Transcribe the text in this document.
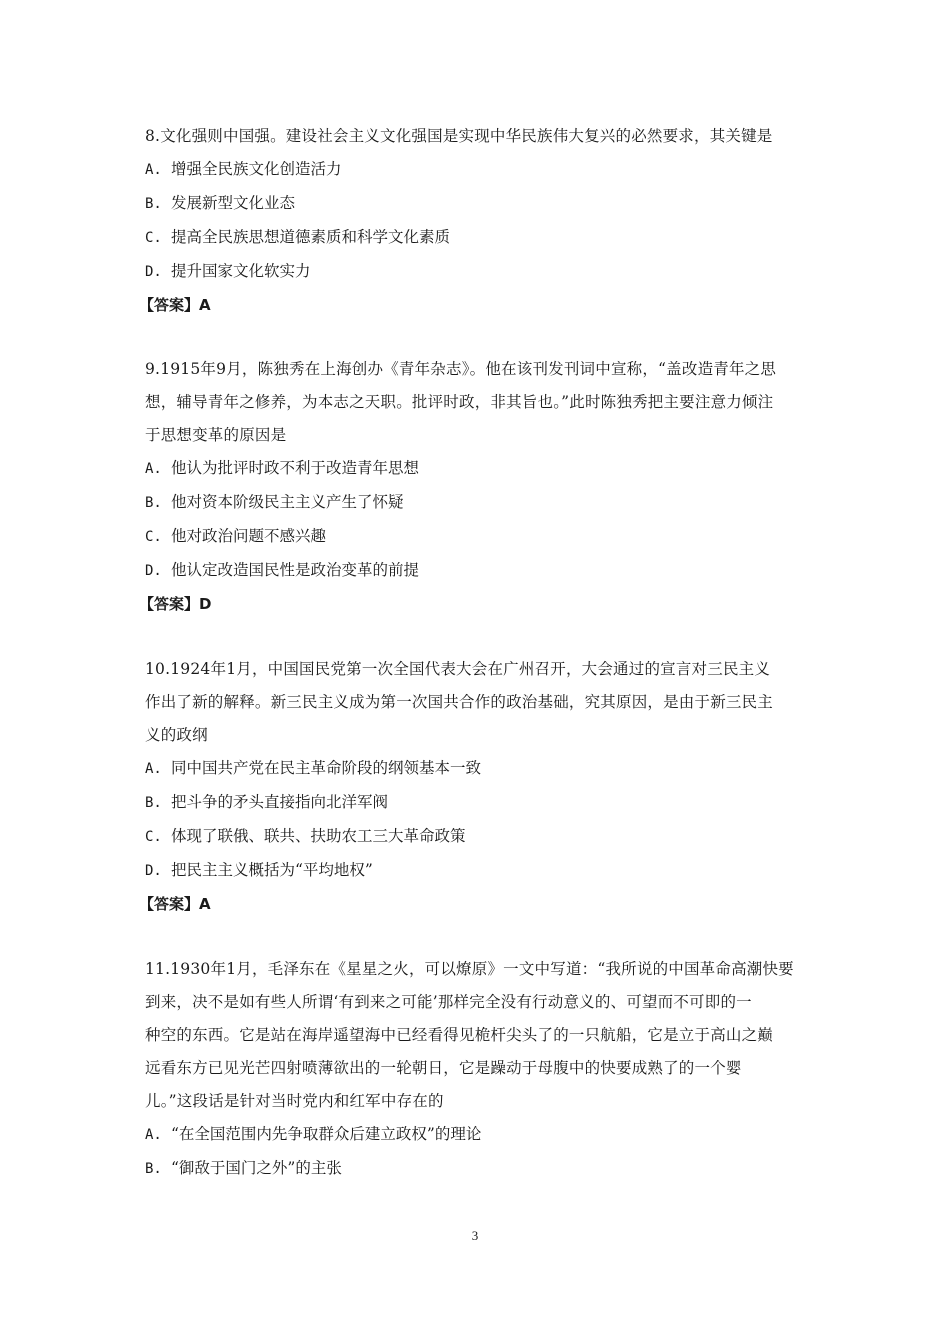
8.文化强则中国强。建设社会主义文化强国是实现中华民族伟大复兴的必然要求，其关键是

A. 增强全民族文化创造活力

B. 发展新型文化业态

C. 提高全民族思想道德素质和科学文化素质

D. 提升国家文化软实力

【答案】A

9.1915年9月，陈独秀在上海创办《青年杂志》。他在该刊发刊词中宣称，“盖改造青年之思

想，辅导青年之修养，为本志之天职。批评时政，非其旨也。”此时陈独秀把主要注意力倾注

于思想变革的原因是

A. 他认为批评时政不利于改造青年思想

B. 他对资本阶级民主主义产生了怀疑

C. 他对政治问题不感兴趣

D. 他认定改造国民性是政治变革的前提

【答案】D

10.1924年1月，中国国民党第一次全国代表大会在广州召开，大会通过的宣言对三民主义

作出了新的解释。新三民主义成为第一次国共合作的政治基础，究其原因，是由于新三民主

义的政纲

A. 同中国共产党在民主革命阶段的纲领基本一致

B. 把斗争的矛头直接指向北洋军阀

C. 体现了联俄、联共、扶助农工三大革命政策

D. 把民主主义概括为“平均地权”

【答案】A

11.1930年1月，毛泽东在《星星之火，可以燎原》一文中写道：“我所说的中国革命高潮快要

到来，决不是如有些人所谓‘有到来之可能’那样完全没有行动意义的、可望而不可即的一

种空的东西。它是站在海岸遥望海中已经看得见桅杆尖头了的一只航船，它是立于高山之巅

远看东方已见光芒四射喷薄欲出的一轮朝日，它是躁动于母腹中的快要成熟了的一个婴

儿。”这段话是针对当时党内和红军中存在的

A. “在全国范围内先争取群众后建立政权”的理论

B. “御敌于国门之外”的主张

3
